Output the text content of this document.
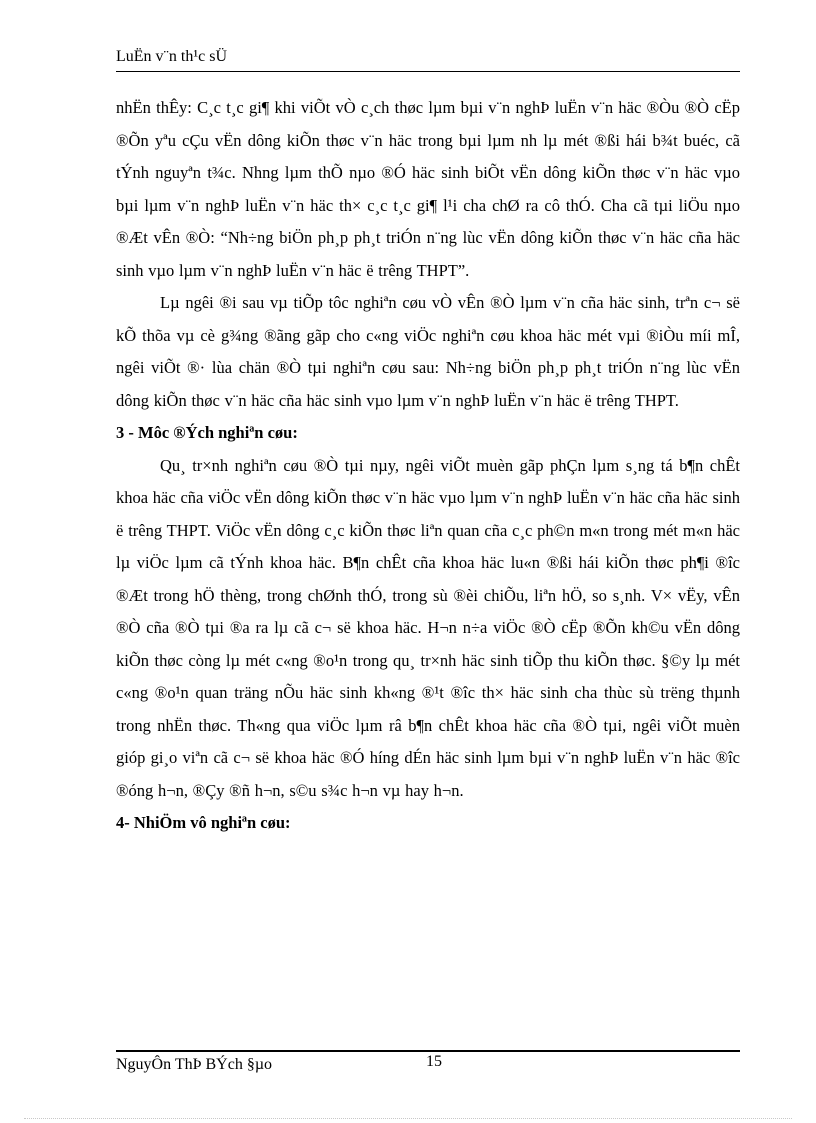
LuËn v¨n th¹c sÜ

nhËn thÊy: C¸c t¸c gi¶ khi viÕt vÒ c¸ch thøc lµm bµi v¨n nghÞ luËn v¨n häc ®Òu ®Ò cËp ®Õn yªu cÇu vËn dông kiÕn thøc v¨n häc trong bµi lµm nh lµ mét ®ßi hái b¾t buéc, cã tÝnh nguyªn t¾c. Nhng lµm thÕ nµo ®Ó häc sinh biÕt vËn dông kiÕn thøc v¨n häc vµo bµi lµm v¨n nghÞ luËn v¨n häc th× c¸c t¸c gi¶ l¹i cha chØ ra cô thÓ. Cha cã tµi liÖu nµo ®Æt vÊn ®Ò: “Nh÷ng biÖn ph¸p ph¸t triÓn n¨ng lùc vËn dông kiÕn thøc v¨n häc cña häc sinh vµo lµm v¨n nghÞ luËn v¨n häc ë trêng THPT”.

Lµ ngêi ®i sau vµ tiÕp tôc nghiªn cøu vÒ vÊn ®Ò lµm v¨n cña häc sinh, trªn c¬ së kÕ thõa vµ cè g¾ng ®ãng gãp cho c«ng viÖc nghiªn cøu khoa häc mét vµi ®iÒu míi mÎ, ngêi viÕt ®· lùa chän ®Ò tµi nghiªn cøu sau: Nh÷ng biÖn ph¸p ph¸t triÓn n¨ng lùc vËn dông kiÕn thøc v¨n häc cña häc sinh vµo lµm v¨n nghÞ luËn v¨n häc ë trêng THPT.

3 - Môc ®Ých nghiªn cøu:

Qu¸ tr×nh nghiªn cøu ®Ò tµi nµy, ngêi viÕt muèn gãp phÇn lµm s¸ng tá b¶n chÊt khoa häc cña viÖc vËn dông kiÕn thøc v¨n häc vµo lµm v¨n nghÞ luËn v¨n häc cña häc sinh ë trêng THPT. ViÖc vËn dông c¸c kiÕn thøc liªn quan cña c¸c ph©n m«n trong mét m«n häc lµ viÖc lµm cã tÝnh khoa häc. B¶n chÊt cña khoa häc lu«n ®ßi hái kiÕn thøc ph¶i ®îc ®Æt trong hÖ thèng, trong chØnh thÓ, trong sù ®èi chiÕu, liªn hÖ, so s¸nh. V× vËy, vÊn ®Ò cña ®Ò tµi ®a ra lµ cã c¬ së khoa häc. H¬n n÷a viÖc ®Ò cËp ®Õn kh©u vËn dông kiÕn thøc còng lµ mét c«ng ®o¹n trong qu¸ tr×nh häc sinh tiÕp thu kiÕn thøc. §©y lµ mét c«ng ®o¹n quan träng nÕu häc sinh kh«ng ®¹t ®îc th× häc sinh cha thùc sù trëng thµnh trong nhËn thøc. Th«ng qua viÖc lµm râ b¶n chÊt khoa häc cña ®Ò tµi, ngêi viÕt muèn gióp gi¸o viªn cã c¬ së khoa häc ®Ó híng dÉn häc sinh lµm bµi v¨n nghÞ luËn v¨n häc ®îc ®óng h¬n, ®Çy ®ñ h¬n, s©u s¾c h¬n vµ hay h¬n.

4- NhiÖm vô nghiªn cøu:
NguyÔn ThÞ BÝch §µo	15
